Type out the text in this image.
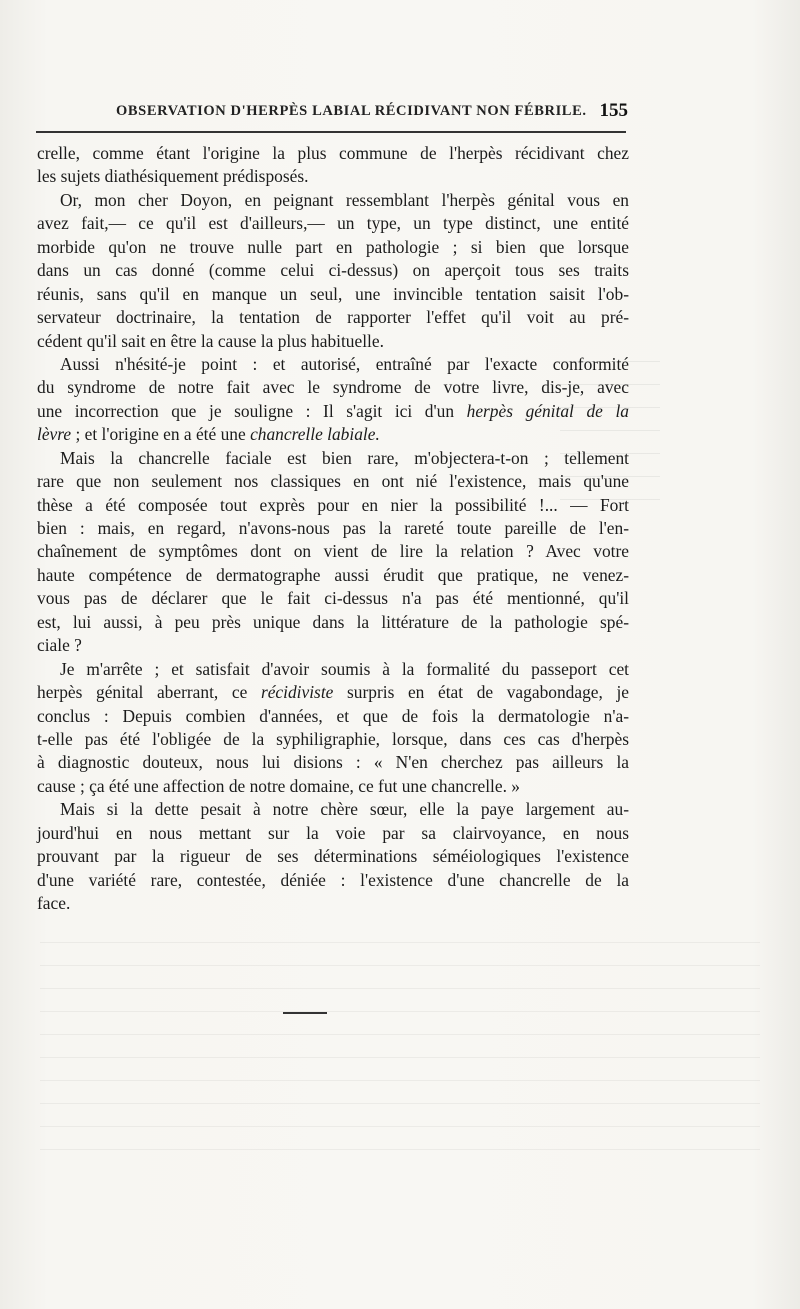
OBSERVATION D'HERPÈS LABIAL RÉCIDIVANT NON FÉBRILE. 155
crelle, comme étant l'origine la plus commune de l'herpès récidivant chez
les sujets diathésiquement prédisposés.
Or, mon cher Doyon, en peignant ressemblant l'herpès génital vous en
avez fait,— ce qu'il est d'ailleurs,— un type, un type distinct, une entité
morbide qu'on ne trouve nulle part en pathologie ; si bien que lorsque
dans un cas donné (comme celui ci-dessus) on aperçoit tous ses traits
réunis, sans qu'il en manque un seul, une invincible tentation saisit l'ob-
servateur doctrinaire, la tentation de rapporter l'effet qu'il voit au pré-
cédent qu'il sait en être la cause la plus habituelle.
Aussi n'hésité-je point : et autorisé, entraîné par l'exacte conformité
du syndrome de notre fait avec le syndrome de votre livre, dis-je, avec
une incorrection que je souligne : Il s'agit ici d'un herpès génital de la
lèvre ; et l'origine en a été une chancrelle labiale.
Mais la chancrelle faciale est bien rare, m'objectera-t-on ; tellement
rare que non seulement nos classiques en ont nié l'existence, mais qu'une
thèse a été composée tout exprès pour en nier la possibilité !... — Fort
bien : mais, en regard, n'avons-nous pas la rareté toute pareille de l'en-
chaînement de symptômes dont on vient de lire la relation ? Avec votre
haute compétence de dermatographe aussi érudit que pratique, ne venez-
vous pas de déclarer que le fait ci-dessus n'a pas été mentionné, qu'il
est, lui aussi, à peu près unique dans la littérature de la pathologie spé-
ciale ?
Je m'arrête ; et satisfait d'avoir soumis à la formalité du passeport cet
herpès génital aberrant, ce récidiviste surpris en état de vagabondage, je
conclus : Depuis combien d'années, et que de fois la dermatologie n'a-
t-elle pas été l'obligée de la syphiligraphie, lorsque, dans ces cas d'herpès
à diagnostic douteux, nous lui disions : « N'en cherchez pas ailleurs la
cause ; ça été une affection de notre domaine, ce fut une chancrelle. »
Mais si la dette pesait à notre chère sœur, elle la paye largement au-
jourd'hui en nous mettant sur la voie par sa clairvoyance, en nous
prouvant par la rigueur de ses déterminations séméiologiques l'existence
d'une variété rare, contestée, déniée : l'existence d'une chancrelle de la
face.
